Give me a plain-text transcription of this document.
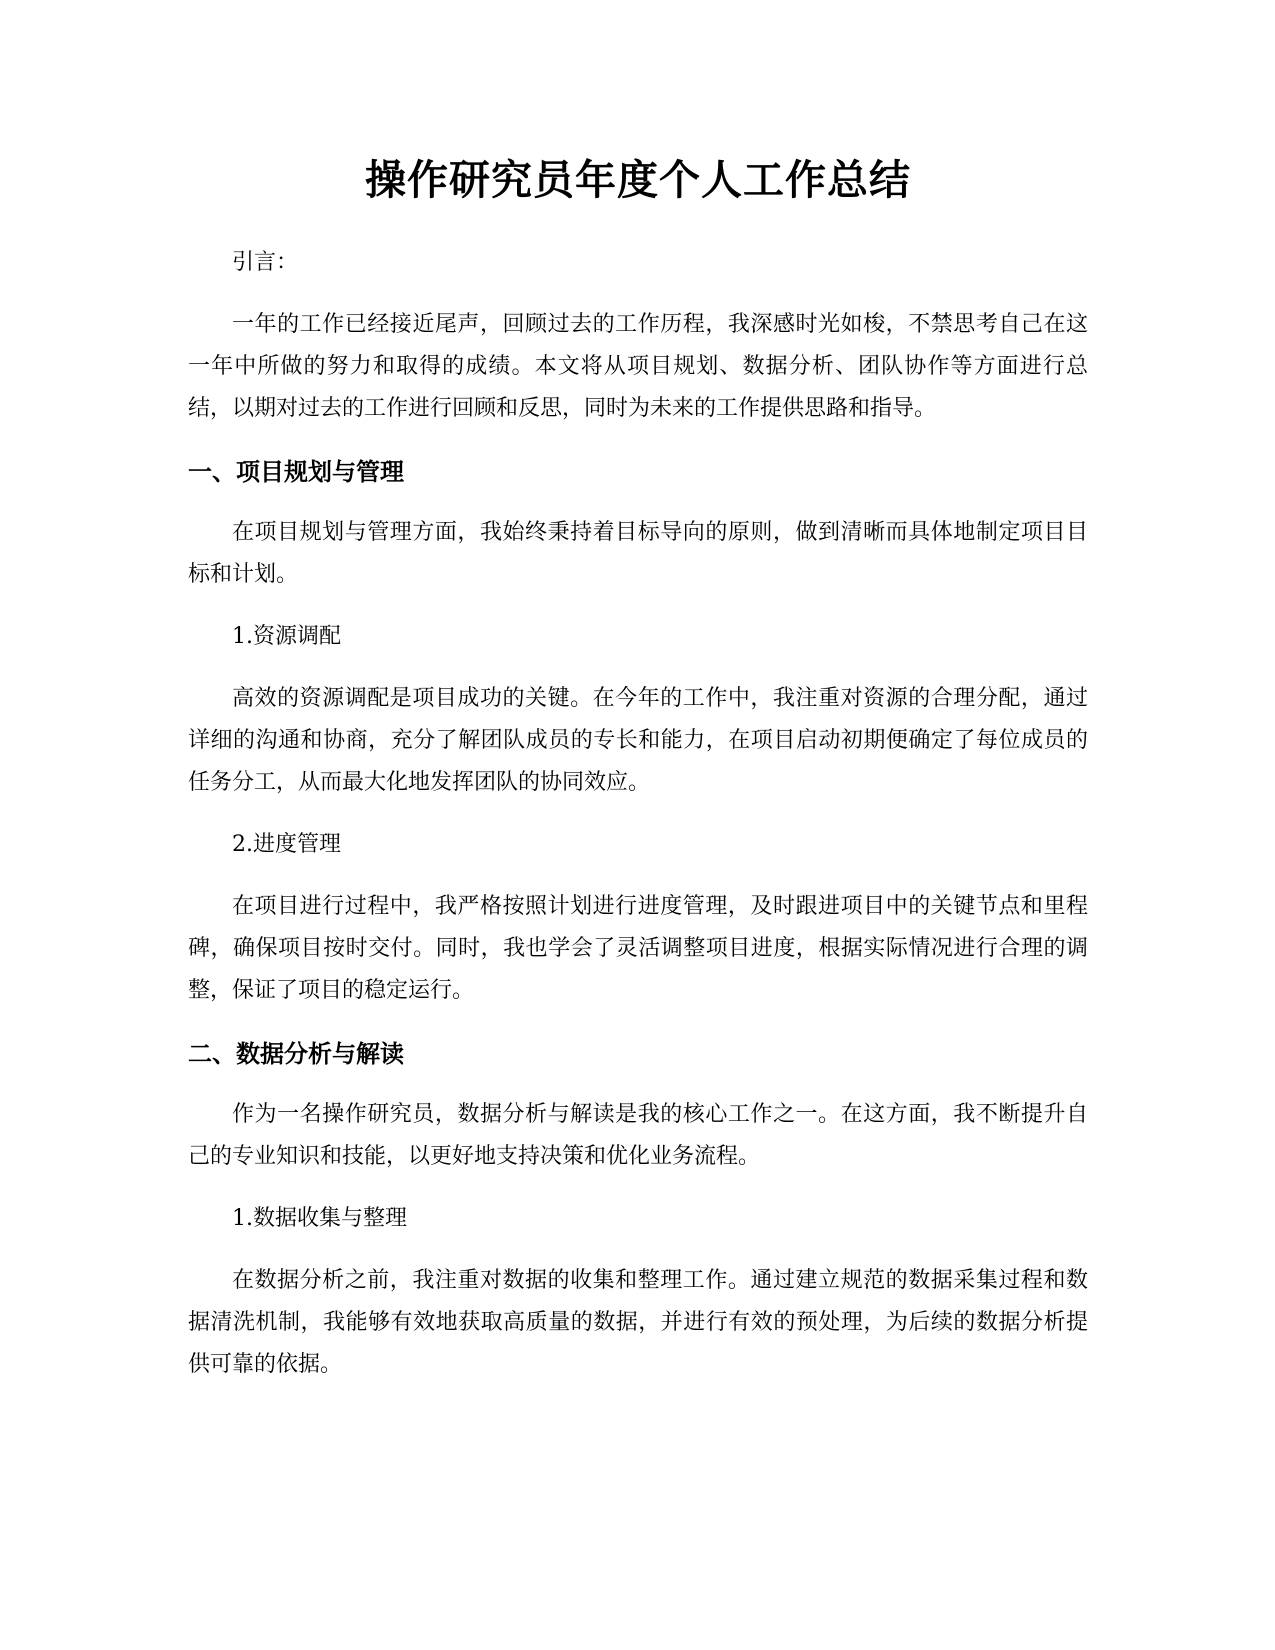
操作研究员年度个人工作总结

引言：

一年的工作已经接近尾声，回顾过去的工作历程，我深感时光如梭，不禁思考自己在这一年中所做的努力和取得的成绩。本文将从项目规划、数据分析、团队协作等方面进行总结，以期对过去的工作进行回顾和反思，同时为未来的工作提供思路和指导。

一、项目规划与管理

在项目规划与管理方面，我始终秉持着目标导向的原则，做到清晰而具体地制定项目目标和计划。

1.资源调配

高效的资源调配是项目成功的关键。在今年的工作中，我注重对资源的合理分配，通过详细的沟通和协商，充分了解团队成员的专长和能力，在项目启动初期便确定了每位成员的任务分工，从而最大化地发挥团队的协同效应。

2.进度管理

在项目进行过程中，我严格按照计划进行进度管理，及时跟进项目中的关键节点和里程碑，确保项目按时交付。同时，我也学会了灵活调整项目进度，根据实际情况进行合理的调整，保证了项目的稳定运行。

二、数据分析与解读

作为一名操作研究员，数据分析与解读是我的核心工作之一。在这方面，我不断提升自己的专业知识和技能，以更好地支持决策和优化业务流程。

1.数据收集与整理

在数据分析之前，我注重对数据的收集和整理工作。通过建立规范的数据采集过程和数据清洗机制，我能够有效地获取高质量的数据，并进行有效的预处理，为后续的数据分析提供可靠的依据。
